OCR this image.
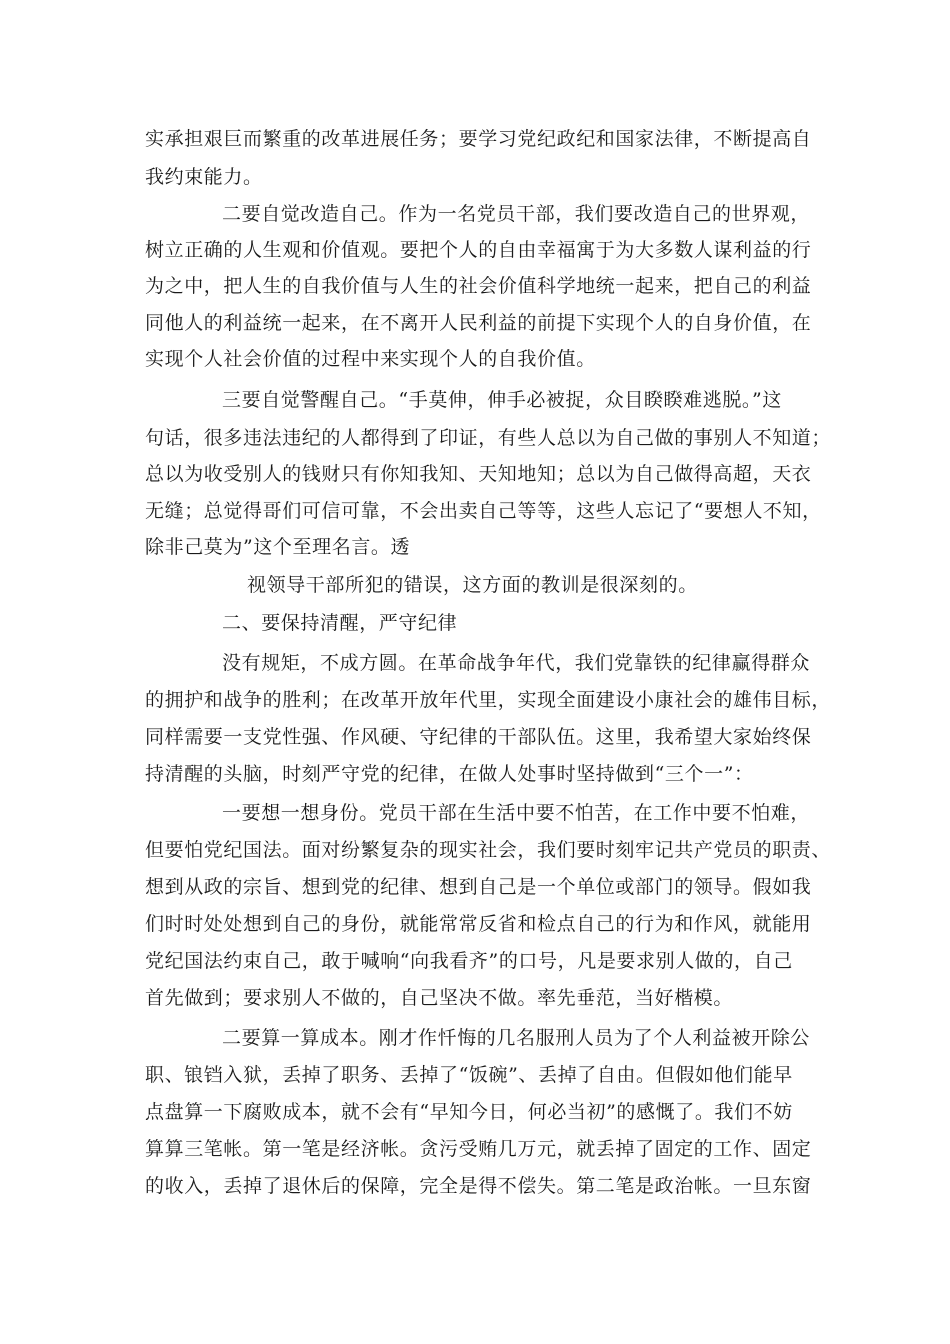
实承担艰巨而繁重的改革进展任务；要学习党纪政纪和国家法律，不断提高自

我约束能力。

二要自觉改造自己。作为一名党员干部，我们要改造自己的世界观，

树立正确的人生观和价值观。要把个人的自由幸福寓于为大多数人谋利益的行

为之中，把人生的自我价值与人生的社会价值科学地统一起来，把自己的利益

同他人的利益统一起来，在不离开人民利益的前提下实现个人的自身价值，在

实现个人社会价值的过程中来实现个人的自我价值。

三要自觉警醒自己。“手莫伸，伸手必被捉，众目睽睽难逃脱。”这

句话，很多违法违纪的人都得到了印证，有些人总以为自己做的事别人不知道；

总以为收受别人的钱财只有你知我知、天知地知；总以为自己做得高超，天衣

无缝；总觉得哥们可信可靠，不会出卖自己等等，这些人忘记了“要想人不知，

除非己莫为”这个至理名言。透

视领导干部所犯的错误，这方面的教训是很深刻的。

二、要保持清醒，严守纪律

没有规矩，不成方圆。在革命战争年代，我们党靠铁的纪律赢得群众

的拥护和战争的胜利；在改革开放年代里，实现全面建设小康社会的雄伟目标，

同样需要一支党性强、作风硬、守纪律的干部队伍。这里，我希望大家始终保

持清醒的头脑，时刻严守党的纪律，在做人处事时坚持做到“三个一”：

一要想一想身份。党员干部在生活中要不怕苦，在工作中要不怕难，

但要怕党纪国法。面对纷繁复杂的现实社会，我们要时刻牢记共产党员的职责、

想到从政的宗旨、想到党的纪律、想到自己是一个单位或部门的领导。假如我

们时时处处想到自己的身份，就能常常反省和检点自己的行为和作风，就能用

党纪国法约束自己，敢于喊响“向我看齐”的口号，凡是要求别人做的，自己

首先做到；要求别人不做的，自己坚决不做。率先垂范，当好楷模。

二要算一算成本。刚才作忏悔的几名服刑人员为了个人利益被开除公

职、锒铛入狱，丢掉了职务、丢掉了“饭碗”、丢掉了自由。但假如他们能早

点盘算一下腐败成本，就不会有“早知今日，何必当初”的感慨了。我们不妨

算算三笔帐。第一笔是经济帐。贪污受贿几万元，就丢掉了固定的工作、固定

的收入，丢掉了退休后的保障，完全是得不偿失。第二笔是政治帐。一旦东窗
